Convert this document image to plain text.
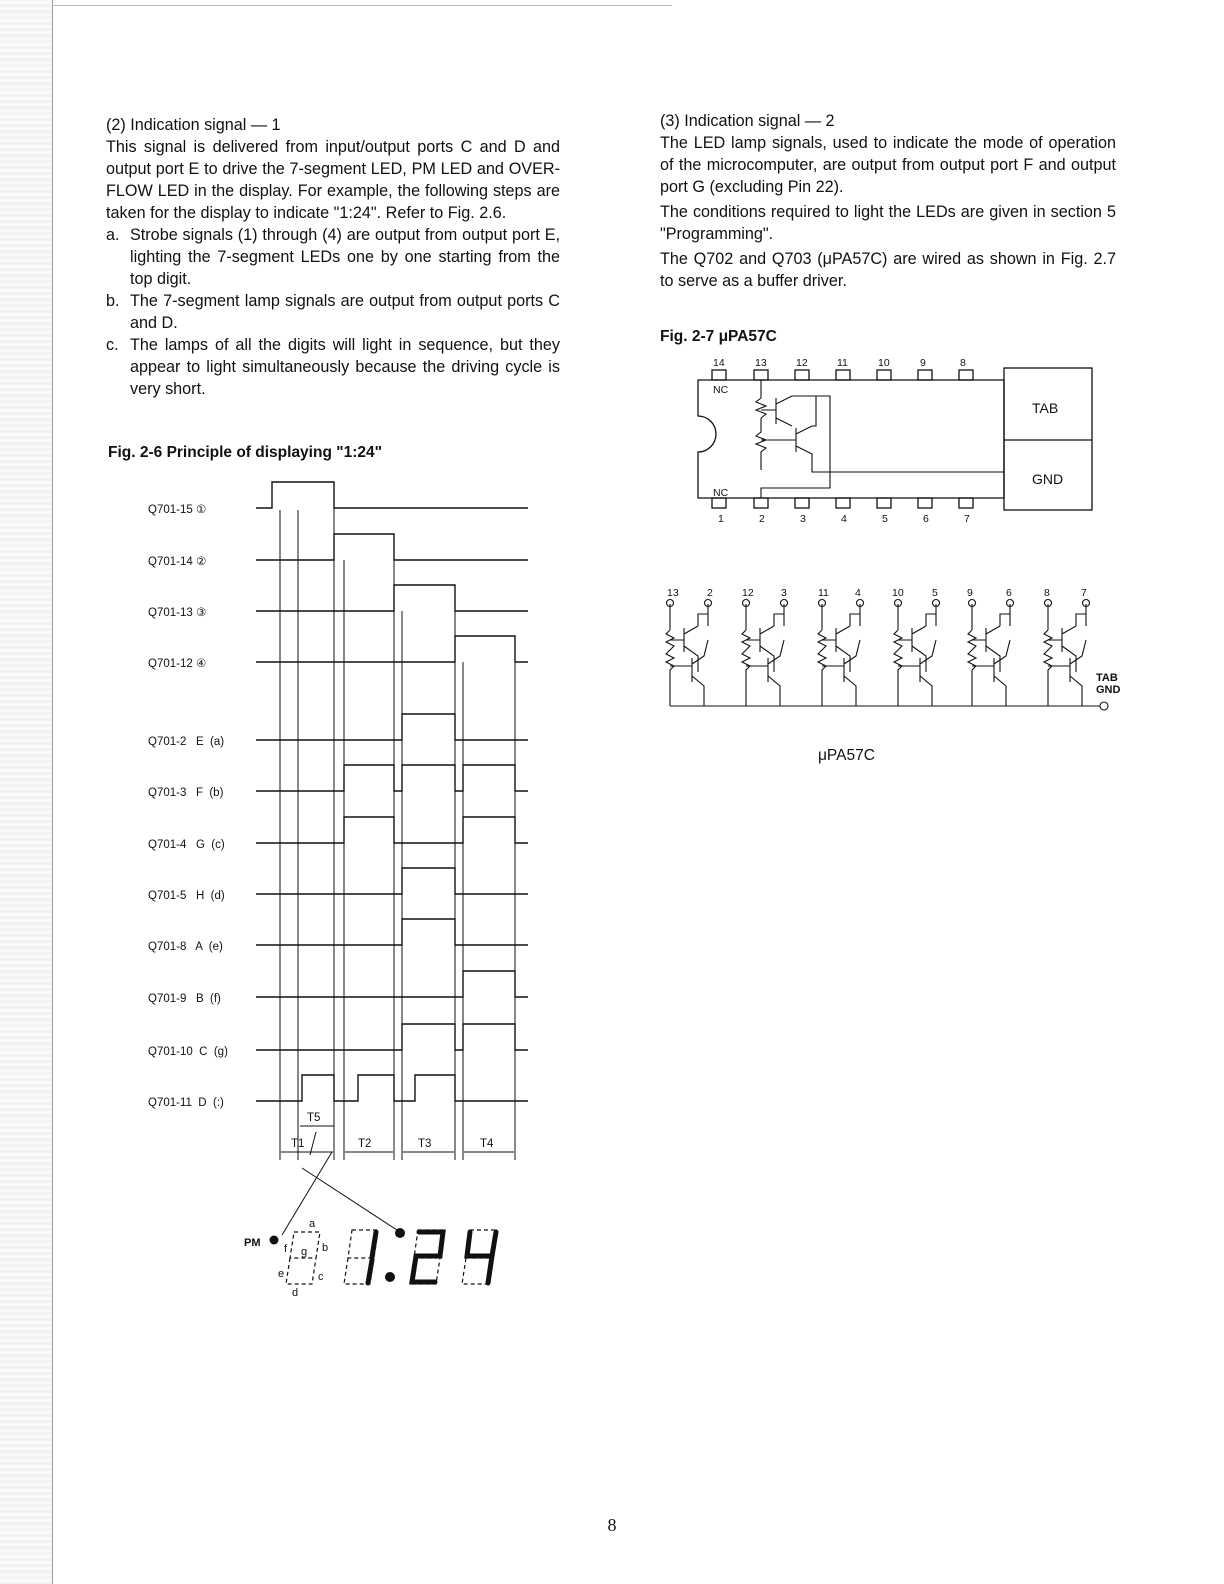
(2) Indication signal — 1

This signal is delivered from input/output ports C and D and output port E to drive the 7-segment LED, PM LED and OVER-FLOW LED in the display. For example, the following steps are taken for the display to indicate "1:24". Refer to Fig. 2.6.

a. Strobe signals (1) through (4) are output from output port E, lighting the 7-segment LEDs one by one starting from the top digit.
b. The 7-segment lamp signals are output from output ports C and D.
c. The lamps of all the digits will light in sequence, but they appear to light simultaneously because the driving cycle is very short.
Fig. 2-6 Principle of displaying "1:24"

(3) Indication signal — 2

The LED lamp signals, used to indicate the mode of operation of the microcomputer, are output from output port F and output port G (excluding Pin 22).

The conditions required to light the LEDs are given in section 5 "Programming".

The Q702 and Q703 (μPA57C) are wired as shown in Fig. 2.7 to serve as a buffer driver.

Fig. 2-7 μPA57C
Q701-15 ①
Q701-14 ②
Q701-13 ③
Q701-12 ④
Q701-2   E  (a)
Q701-3   F  (b)
Q701-4   G  (c)
Q701-5   H  (d)
Q701-8   A  (e)
Q701-9   B  (f)
Q701-10  C  (g)
Q701-11  D  (:)
T5
T1	T2	T3	T4
PM
a
f g b
e	c
d
14	13	12	11	10	9	8
NC
NC
TAB
GND
1	2	3	4	5	6	7
13	2	12	3	11 4	10	5	9	6	8	7
TAB
GND
μPA57C
8
